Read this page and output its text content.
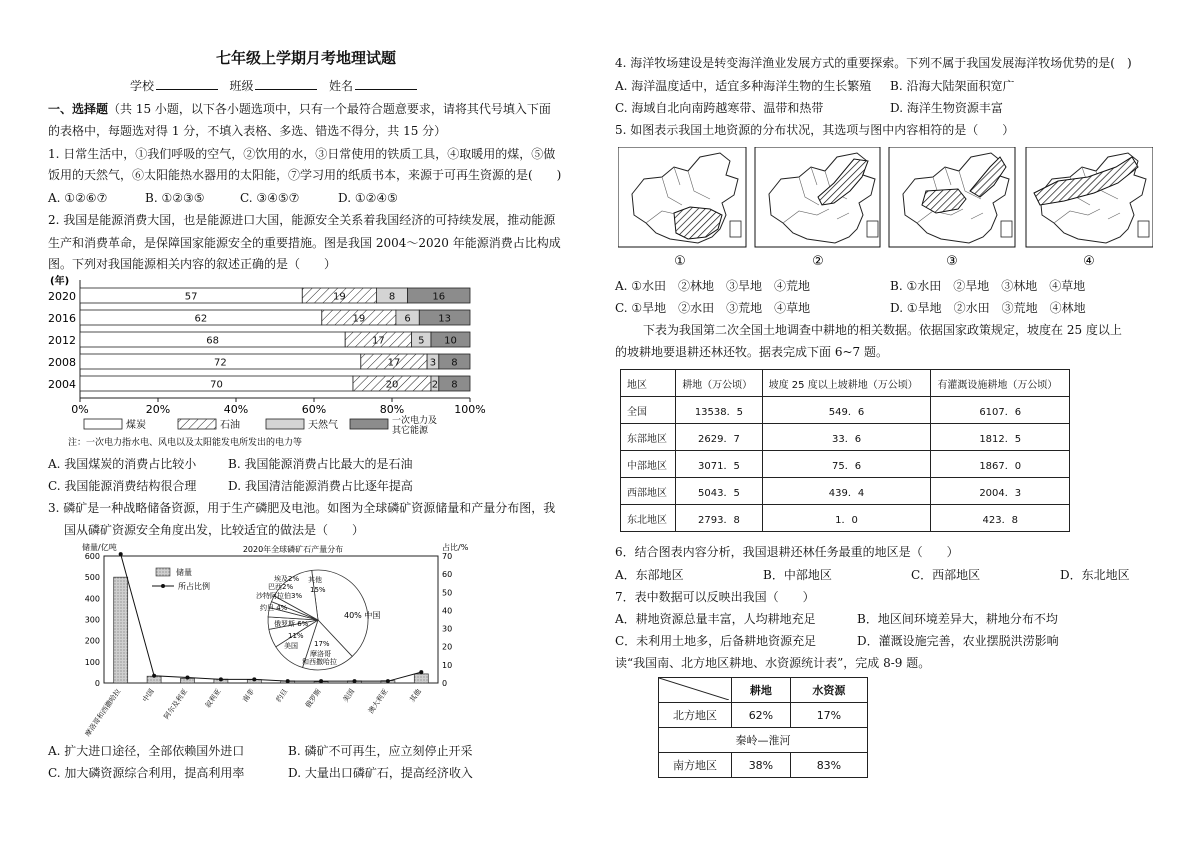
七年级上学期月考地理试题
学校	班级	姓名
一、选择题（共 15 小题，以下各小题选项中，只有一个最符合题意要求，请将其代号填入下面
的表格中，每题选对得 1 分，不填入表格、多选、错选不得分，共 15 分）
1. 日常生活中，①我们呼吸的空气，②饮用的水，③日常使用的铁质工具，④取暖用的煤，⑤做
饭用的天然气，⑥太阳能热水器用的太阳能，⑦学习用的纸质书本，来源于可再生资源的是(　　)
A. ①②⑥⑦	B. ①②③⑤	C. ③④⑤⑦	D. ①②④⑤
2. 我国是能源消费大国，也是能源进口大国，能源安全关系着我国经济的可持续发展，推动能源
生产和消费革命，是保障国家能源安全的重要措施。图是我国 2004～2020 年能源消费占比构成
图。下列对我国能源相关内容的叙述正确的是（　　）
(年)
2020	57	19	8	16
2016	62	19	6	13
2012	68	17	5 10
2008	72	17	3 8
2004	70	20	2 8
0%	20%	40%	60%	80%	100%
煤炭	石油	天然气	一次电力及
其它能源
注：一次电力指水电、风电以及太阳能发电所发出的电力等
A. 我国煤炭的消费占比较小	B. 我国能源消费占比最大的是石油
C. 我国能源消费结构很合理	D. 我国清洁能源消费占比逐年提高
3. 磷矿是一种战略储备资源，用于生产磷肥及电池。如图为全球磷矿资源储量和产量分布图，我
国从磷矿资源安全角度出发，比较适宜的做法是（　　）
储量/亿吨	占比/%
0
100
200
300
400
500
600
0
10
20
30
40
50
60
70
摩洛哥和西撒哈拉	中国 阿尔及利亚 叙利亚	南非	约旦 俄罗斯	美国 澳大利亚	其他
储量
所占比例
2020年全球磷矿石产量分布
40% 中国
17%
摩洛哥
和西撒哈拉
11%
美国
俄罗斯 6%
约旦 4%
沙特阿拉伯3%
巴西2%
埃及2% 其他
15%
A. 扩大进口途径，全部依赖国外进口	B. 磷矿不可再生，应立刻停止开采
C. 加大磷资源综合利用，提高利用率	D. 大量出口磷矿石，提高经济收入
4. 海洋牧场建设是转变海洋渔业发展方式的重要探索。下列不属于我国发展海洋牧场优势的是(　)
A. 海洋温度适中，适宜多种海洋生物的生长繁殖 B. 沿海大陆架面积宽广
C. 海域自北向南跨越寒带、温带和热带	D. 海洋生物资源丰富
5. 如图表示我国土地资源的分布状况，其选项与图中内容相符的是（　　）
①	②	③	④
A. ①水田　②林地　③旱地　④荒地	B. ①水田　②旱地　③林地　④草地
C. ①旱地　②水田　③荒地　④草地	D. ①旱地　②水田　③荒地　④林地
下表为我国第二次全国土地调查中耕地的相关数据。依据国家政策规定，坡度在 25 度以上
的坡耕地要退耕还林还牧。据表完成下面 6~7 题。
地区	耕地（万公顷）	坡度 25 度以上坡耕地（万公顷）	有灌溉设施耕地（万公顷）
全国	13538．5	549．6	6107．6
东部地区	2629．7	33．6	1812．5
中部地区	3071．5	75．6	1867．0
西部地区	5043．5	439．4	2004．3
东北地区	2793．8	1．0	423．8
6．结合图表内容分析，我国退耕还林任务最重的地区是（　　）
A．东部地区	B．中部地区	C．西部地区	D．东北地区
7．表中数据可以反映出我国（　　）
A．耕地资源总量丰富，人均耕地充足	B．地区间环境差异大，耕地分布不均
C．未利用土地多，后备耕地资源充足	D．灌溉设施完善，农业摆脱洪涝影响
读“我国南、北方地区耕地、水资源统计表”，完成 8-9 题。
	耕地	水资源
北方地区	62%	17%
秦岭—淮河		
南方地区	38%	83%
